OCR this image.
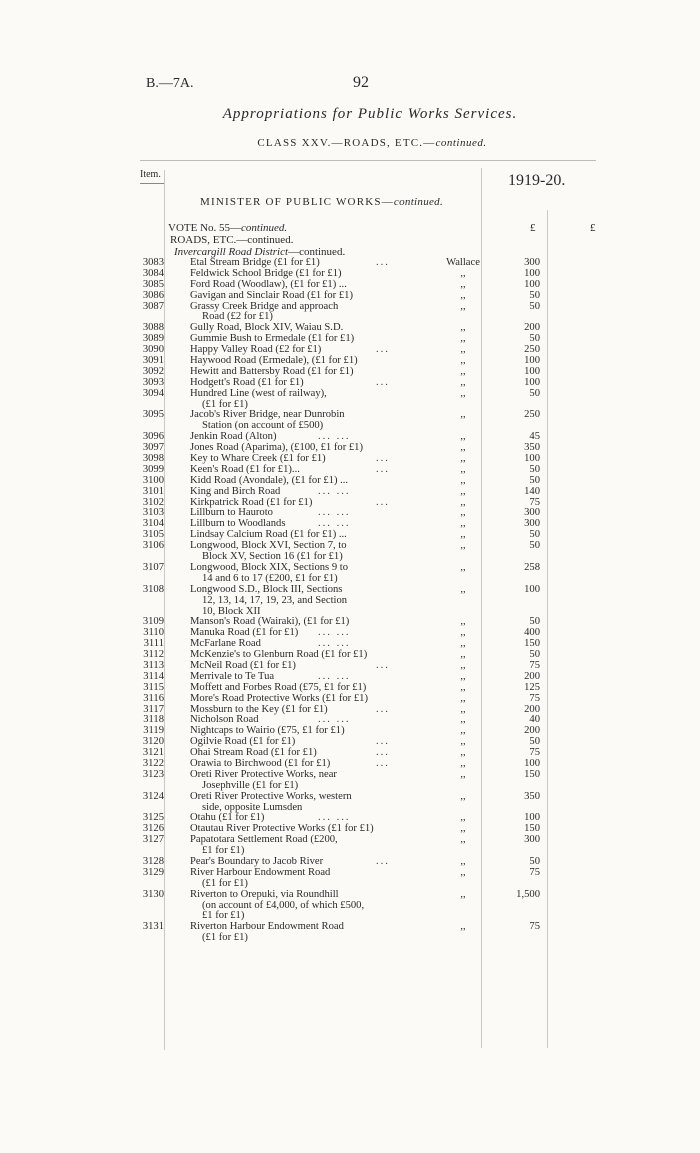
B.—7A.	92
Appropriations for Public Works Services.
CLASS XXV.—ROADS, ETC.—continued.
Item.	1919-20.
MINISTER OF PUBLIC WORKS—continued.
VOTE No. 55—continued.
ROADS, ETC.—continued.
Invercargill Road District—continued.
£	£
3083 Etal Stream Bridge (£1 for £1)	...	Wallace	300
3084 Feldwick School Bridge (£1 for £1)	,,	100
3085 Ford Road (Woodlaw), (£1 for £1) ...	,,	100
3086 Gavigan and Sinclair Road (£1 for £1)	,,	50
3087 Grassy Creek Bridge and approach	,,	50
Road (£2 for £1)
3088 Gully Road, Block XIV, Waiau S.D.	,,	200
3089 Gummie Bush to Ermedale (£1 for £1)	,,	50
3090 Happy Valley Road (£2 for £1)	...	,,	250
3091 Haywood Road (Ermedale), (£1 for £1)	,,	100
3092 Hewitt and Battersby Road (£1 for £1)	,,	100
3093 Hodgett's Road (£1 for £1)	...	,,	100
3094 Hundred Line (west of railway),	,,	50
(£1 for £1)
3095 Jacob's River Bridge, near Dunrobin	,,	250
Station (on account of £500)
3096 Jenkin Road (Alton)	... ...	,,	45
3097 Jones Road (Aparima), (£100, £1 for £1)	,,	350
3098 Key to Whare Creek (£1 for £1)	...	,,	100
3099 Keen's Road (£1 for £1)...	...	,,	50
3100 Kidd Road (Avondale), (£1 for £1) ...	,,	50
3101 King and Birch Road	... ...	,,	140
3102 Kirkpatrick Road (£1 for £1)	...	,,	75
3103 Lillburn to Hauroto	... ...	,,	300
3104 Lillburn to Woodlands	... ...	,,	300
3105 Lindsay Calcium Road (£1 for £1) ...	,,	50
3106 Longwood, Block XVI, Section 7, to	,,	50
Block XV, Section 16 (£1 for £1)
3107 Longwood, Block XIX, Sections 9 to	,,	258
14 and 6 to 17 (£200, £1 for £1)
3108 Longwood S.D., Block III, Sections	,,	100
12, 13, 14, 17, 19, 23, and Section
10, Block XII
3109 Manson's Road (Wairaki), (£1 for £1)	,,	50
3110 Manuka Road (£1 for £1) ... ...	,,	400
3111 McFarlane Road	... ...	,,	150
3112 McKenzie's to Glenburn Road (£1 for £1)	,,	50
3113 McNeil Road (£1 for £1)	...	,,	75
3114 Merrivale to Te Tua	... ...	,,	200
3115 Moffett and Forbes Road (£75, £1 for £1)	,,	125
3116 More's Road Protective Works (£1 for £1)	,,	75
3117 Mossburn to the Key (£1 for £1)	...	,,	200
3118 Nicholson Road	... ...	,,	40
3119 Nightcaps to Wairio (£75, £1 for £1)	,,	200
3120 Ogilvie Road (£1 for £1)	...	,,	50
3121 Ohai Stream Road (£1 for £1)	...	,,	75
3122 Orawia to Birchwood (£1 for £1)	...	,,	100
3123 Oreti River Protective Works, near	,,	150
Josephville (£1 for £1)
3124 Oreti River Protective Works, western	,,	350
side, opposite Lumsden
3125 Otahu (£1 for £1)	... ...	,,	100
3126 Otautau River Protective Works (£1 for £1)	,,	150
3127 Papatotara Settlement Road (£200,	,,	300
£1 for £1)
3128 Pear's Boundary to Jacob River	...	,,	50
3129 River Harbour Endowment Road	,,	75
(£1 for £1)
3130 Riverton to Orepuki, via Roundhill	,,	1,500
(on account of £4,000, of which £500,
£1 for £1)
3131 Riverton Harbour Endowment Road	,,	75
(£1 for £1)
